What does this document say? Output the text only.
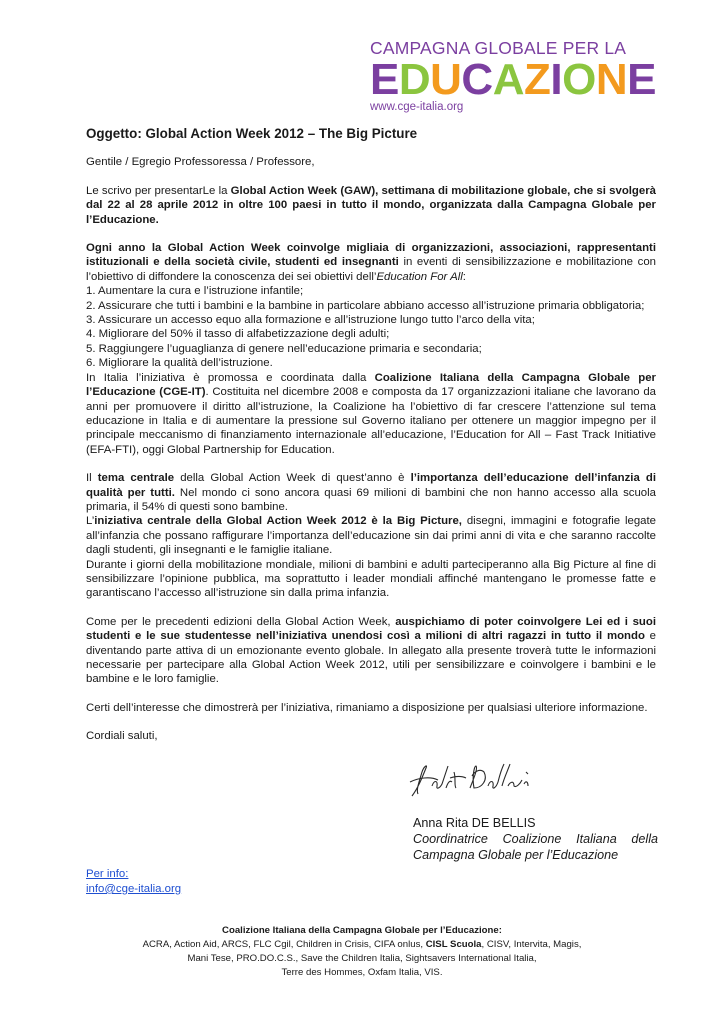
CAMPAGNA GLOBALE PER LA
EDUCAZIONE
www.cge-italia.org
Oggetto: Global Action Week 2012 – The Big Picture

Gentile / Egregio Professoressa / Professore,

Le scrivo per presentarLe la Global Action Week (GAW), settimana di mobilitazione globale, che si svolgerà dal 22 al 28 aprile 2012 in oltre 100 paesi in tutto il mondo, organizzata dalla Campagna Globale per l’Educazione.

Ogni anno la Global Action Week coinvolge migliaia di organizzazioni, associazioni, rappresentanti istituzionali e della società civile, studenti ed insegnanti in eventi di sensibilizzazione e mobilitazione con l’obiettivo di diffondere la conoscenza dei sei obiettivi dell’Education For All:

1. Aumentare la cura e l’istruzione infantile;
2. Assicurare che tutti i bambini e la bambine in particolare abbiano accesso all’istruzione primaria obbligatoria;
3. Assicurare un accesso equo alla formazione e all’istruzione lungo tutto l’arco della vita;
4. Migliorare del 50% il tasso di alfabetizzazione degli adulti;
5. Raggiungere l’uguaglianza di genere nell’educazione primaria e secondaria;
6. Migliorare la qualità dell’istruzione.

In Italia l’iniziativa è promossa e coordinata dalla Coalizione Italiana della Campagna Globale per l’Educazione (CGE-IT). Costituita nel dicembre 2008 e composta da 17 organizzazioni italiane che lavorano da anni per promuovere il diritto all’istruzione, la Coalizione ha l’obiettivo di far crescere l’attenzione sul tema educazione in Italia e di aumentare la pressione sul Governo italiano per ottenere un maggior impegno per il principale meccanismo di finanziamento internazionale all’educazione, l’Education for All – Fast Track Initiative (EFA-FTI), oggi Global Partnership for Education.

Il tema centrale della Global Action Week di quest’anno è l’importanza dell’educazione dell’infanzia di qualità per tutti. Nel mondo ci sono ancora quasi 69 milioni di bambini che non hanno accesso alla scuola primaria, il 54% di questi sono bambine.

L’iniziativa centrale della Global Action Week 2012 è la Big Picture, disegni, immagini e fotografie legate all’infanzia che possano raffigurare l’importanza dell’educazione sin dai primi anni di vita e che saranno raccolte dagli studenti, gli insegnanti e le famiglie italiane.

Durante i giorni della mobilitazione mondiale, milioni di bambini e adulti parteciperanno alla Big Picture al fine di sensibilizzare l’opinione pubblica, ma soprattutto i leader mondiali affinché mantengano le promesse fatte e garantiscano l’accesso all’istruzione sin dalla prima infanzia.

Come per le precedenti edizioni della Global Action Week, auspichiamo di poter coinvolgere Lei ed i suoi studenti e le sue studentesse nell’iniziativa unendosi così a milioni di altri ragazzi in tutto il mondo e diventando parte attiva di un emozionante evento globale. In allegato alla presente troverà tutte le informazioni necessarie per partecipare alla Global Action Week 2012, utili per sensibilizzare e coinvolgere i bambini e le bambine e le loro famiglie.

Certi dell’interesse che dimostrerà per l’iniziativa, rimaniamo a disposizione per qualsiasi ulteriore informazione.

Cordiali saluti,

Anna Rita DE BELLIS
Coordinatrice Coalizione Italiana della Campagna Globale per l’Educazione
Per info:
info@cge-italia.org
Coalizione Italiana della Campagna Globale per l’Educazione:
ACRA, Action Aid, ARCS, FLC Cgil, Children in Crisis, CIFA onlus, CISL Scuola, CISV, Intervita, Magis,
Mani Tese, PRO.DO.C.S., Save the Children Italia, Sightsavers International Italia,
Terre des Hommes, Oxfam Italia, VIS.
